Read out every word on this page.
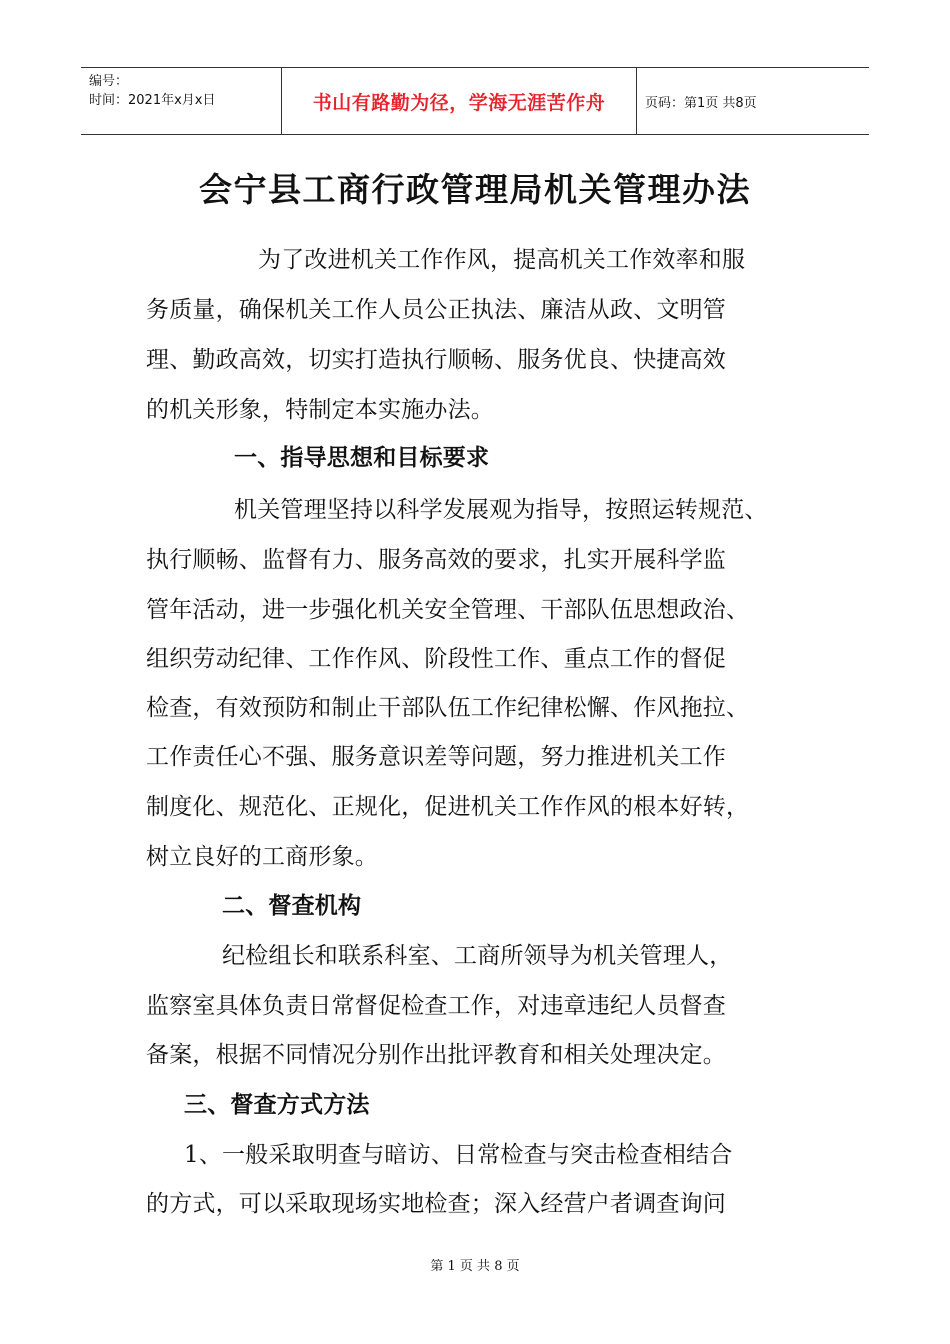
编号：
时间：2021年x月x日	书山有路勤为径，学海无涯苦作舟	页码：第1页 共8页
会宁县工商行政管理局机关管理办法
为了改进机关工作作风，提高机关工作效率和服
务质量，确保机关工作人员公正执法、廉洁从政、文明管
理、勤政高效，切实打造执行顺畅、服务优良、快捷高效
的机关形象，特制定本实施办法。
一、指导思想和目标要求
机关管理坚持以科学发展观为指导，按照运转规范、
执行顺畅、监督有力、服务高效的要求，扎实开展科学监
管年活动，进一步强化机关安全管理、干部队伍思想政治、
组织劳动纪律、工作作风、阶段性工作、重点工作的督促
检查，有效预防和制止干部队伍工作纪律松懈、作风拖拉、
工作责任心不强、服务意识差等问题，努力推进机关工作
制度化、规范化、正规化，促进机关工作作风的根本好转，
树立良好的工商形象。
二、督查机构
纪检组长和联系科室、工商所领导为机关管理人，
监察室具体负责日常督促检查工作，对违章违纪人员督查
备案，根据不同情况分别作出批评教育和相关处理决定。
三、督查方式方法
1、一般采取明查与暗访、日常检查与突击检查相结合
的方式，可以采取现场实地检查；深入经营户者调查询问
第 1 页 共 8 页
